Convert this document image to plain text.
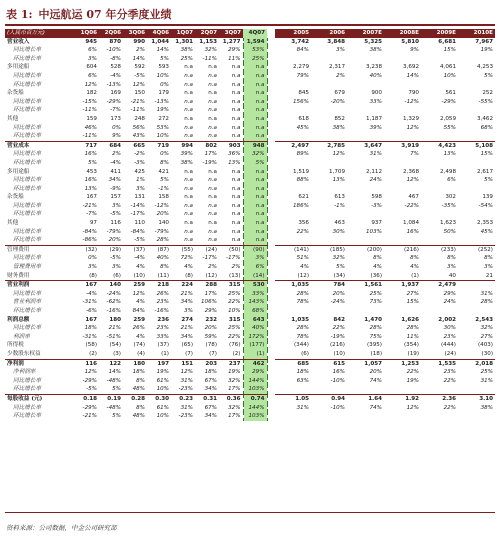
表 1: 中远航运 07 年分季度业绩
(人民币百万元)	1Q06	2Q06	3Q06	4Q06	1Q07	2Q07	3Q07	4Q07		2005	2006	2007E	2008E	2009E	2010E
营业收入	945	870	990	1,044	1,301	1,153	1,277	1,594		3,742	3,848	5,325	5,810	6,681	7,967
同比增长率	6%	-10%	2%	14%	38%	32%	29%	53%		84%	3%	38%	9%	15%	19%
环比增长率	3%	-8%	14%	5%	25%	-11%	11%	25%							
多用途船	604	528	592	593	n.a	n.a	n.a	n.a		2,279	2,317	3,238	3,692	4,061	4,253
同比增长率	6%	-4%	-5%	10%	n.a	n.a	n.a	n.a		79%	2%	40%	14%	10%	5%
环比增长率	12%	-13%	12%	0%	n.a	n.a	n.a	n.a							
杂货船	182	169	150	179	n.a	n.a	n.a	n.a		845	679	900	790	561	252
同比增长率	-15%	-29%	-21%	-13%	n.a	n.a	n.a	n.a		156%	-20%	33%	-12%	-29%	-55%
环比增长率	-11%	-7%	-11%	19%	n.a	n.a	n.a	n.a							
其他	159	173	248	272	n.a	n.a	n.a	n.a		618	852	1,187	1,329	2,059	3,462
同比增长率	46%	0%	56%	53%	n.a	n.a	n.a	n.a		45%	38%	39%	12%	55%	68%
环比增长率	-11%	9%	43%	10%	n.a	n.a	n.a	n.a							
营业成本	717	684	665	719	994	802	903	948		2,497	2,785	3,647	3,919	4,423	5,108
同比增长率	16%	2%	-2%	0%	39%	17%	36%	32%		89%	12%	31%	7%	13%	15%
环比增长率	5%	-4%	-3%	8%	38%	-19%	13%	5%							
多用途船	453	411	425	421	n.a	n.a	n.a	n.a		1,519	1,709	2,112	2,368	2,498	2,617
同比增长率	16%	34%	1%	5%	n.a	n.a	n.a	n.a		88%	13%	24%	12%	6%	5%
环比增长率	13%	-9%	3%	-1%	n.a	n.a	n.a	n.a							
杂货船	167	157	131	158	n.a	n.a	n.a	n.a		621	613	598	467	302	139
同比增长率	-21%	3%	-14%	-12%	n.a	n.a	n.a	n.a		186%	-1%	-3%	-22%	-35%	-54%
环比增长率	-7%	-5%	-17%	20%	n.a	n.a	n.a	n.a							
其他	97	116	110	140	n.a	n.a	n.a	n.a		356	463	937	1,084	1,623	2,353
同比增长率	-84%	-79%	-84%	-79%	n.a	n.a	n.a	n.a		22%	30%	103%	16%	50%	45%
环比增长率	-86%	20%	-5%	28%	n.a	n.a	n.a	n.a							
管理费用	(32)	(29)	(37)	(87)	(55)	(24)	(50)	(90)		(141)	(185)	(200)	(216)	(233)	(252)
同比增长率	0%	-5%	-4%	40%	72%	-17%	-17%	3%		51%	32%	8%	8%	8%	8%
管理费用率	3%	3%	4%	8%	4%	2%	2%	6%		4%	5%	4%	4%	3%	3%
财务费用	(8)	(6)	(10)	(11)	(8)	(12)	(13)	(14)		(12)	(34)	(36)	(1)	40	21
营业利润	167	140	259	218	224	288	315	530		1,035	784	1,561	1,937	2,479	
同比增长率	-4%	-24%	12%	26%	21%	17%	25%	33%		28%	20%	25%	27%	29%	31%
营业利润率	-31%	-62%	4%	23%	34%	106%	22%	143%		78%	-24%	73%	15%	24%	28%
环比增长率	-6%	-16%	84%	-16%	3%	29%	10%	68%							
利润总额	167	180	259	236	274	232	315	643		1,035	842	1,470	1,626	2,002	2,543
同比增长率	18%	21%	26%	23%	21%	20%	25%	40%		28%	22%	28%	28%	30%	32%
利润率	-31%	-51%	4%	33%	34%	59%	22%	172%		78%	-19%	75%	11%	23%	27%
所得税	(58)	(54)	(74)	(37)	(65)	(78)	(76)	(177)		(344)	(216)	(395)	(354)	(444)	(403)
少数股东权益	(2)	(3)	(4)	(1)	(7)	(7)	(2)	(1)		(6)	(10)	(18)	(19)	(24)	(30)
净利润	116	122	180	197	151	203	237	462		685	615	1,057	1,253	1,535	2,018
净利润率	12%	14%	18%	19%	12%	18%	19%	29%		18%	16%	20%	22%	23%	25%
同比增长率	-29%	-48%	8%	61%	31%	67%	32%	144%		63%	-10%	74%	19%	22%	31%
环比增长率	-5%	5%	48%	10%	-23%	34%	17%	103%							
每股收益 (元)	0.18	0.19	0.28	0.30	0.23	0.31	0.36	0.74		1.05	0.94	1.64	1.92	2.36	3.10
同比增长率	-29%	-48%	8%	61%	31%	67%	32%	144%		31%	-10%	74%	12%	22%	38%
环比增长率	-21%	5%	48%	10%	-23%	34%	17%	103%							
资料来源：公司数据，中金公司研究部
